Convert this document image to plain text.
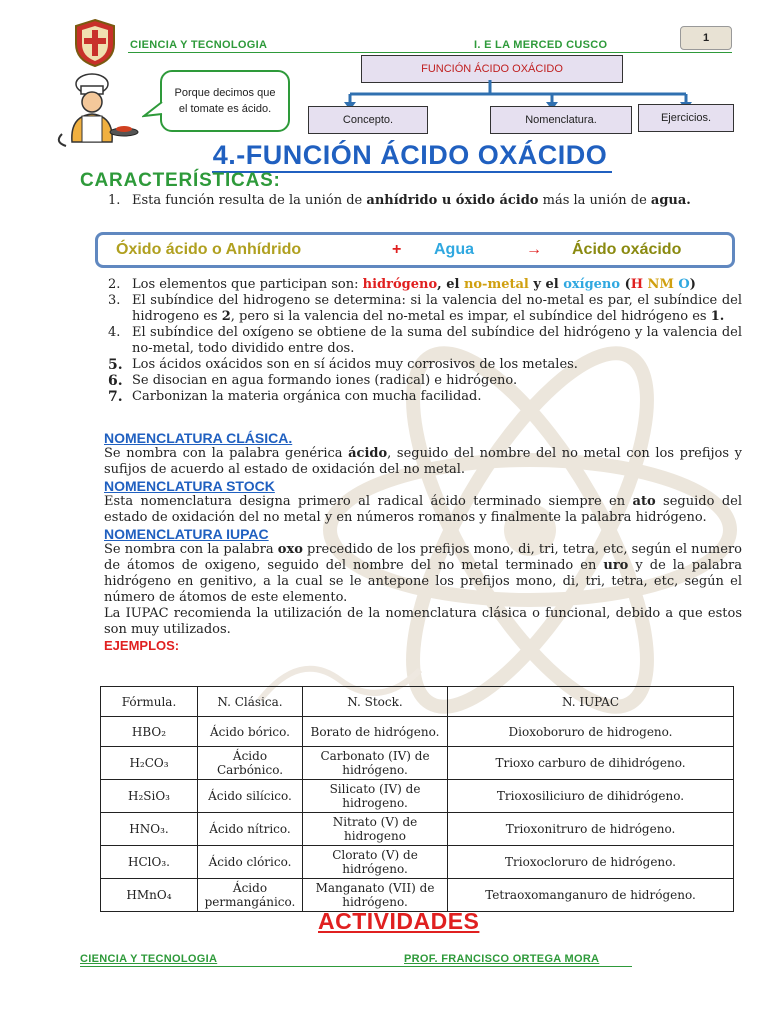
CIENCIA Y TECNOLOGIA	I. E LA MERCED CUSCO
1
Porque decimos que el tomate es ácido.
FUNCIÓN ÁCIDO OXÁCIDO
Concepto.	Nomenclatura.	Ejercicios.
4.-FUNCIÓN ÁCIDO OXÁCIDO
CARACTERÍSTICAS:
1. Esta función resulta de la unión de anhídrido u óxido ácido más la unión de agua.
Óxido ácido o Anhídrido	+ Agua	→ Ácido oxácido
2. Los elementos que participan son: hidrógeno, el no-metal y el oxígeno (H NM O)
3. El subíndice del hidrogeno se determina: si la valencia del no-metal es par, el subíndice del hidrogeno es 2, pero si la valencia del no-metal es impar, el subíndice del hidrógeno es 1.
4. El subíndice del oxígeno se obtiene de la suma del subíndice del hidrógeno y la valencia del no-metal, todo dividido entre dos.
5. Los ácidos oxácidos son en sí ácidos muy corrosivos de los metales.
6. Se disocian en agua formando iones (radical) e hidrógeno.
7. Carbonizan la materia orgánica con mucha facilidad.
NOMENCLATURA CLÁSICA.
Se nombra con la palabra genérica ácido, seguido del nombre del no metal con los prefijos y sufijos de acuerdo al estado de oxidación del no metal.
NOMENCLATURA STOCK
Esta nomenclatura designa primero al radical ácido terminado siempre en ato seguido del estado de oxidación del no metal y en números romanos y finalmente la palabra hidrógeno.
NOMENCLATURA IUPAC
Se nombra con la palabra oxo precedido de los prefijos mono, di, tri, tetra, etc, según el numero de átomos de oxigeno, seguido del nombre del no metal terminado en uro y de la palabra hidrógeno en genitivo, a la cual se le antepone los prefijos mono, di, tri, tetra, etc, según el número de átomos de este elemento.
La IUPAC recomienda la utilización de la nomenclatura clásica o funcional, debido a que estos son muy utilizados.
EJEMPLOS:
Fórmula.	N. Clásica.	N. Stock.	N. IUPAC
HBO₂	Ácido bórico.	Borato de hidrógeno.	Dioxoboruro de hidrogeno.
H₂CO₃	Ácido Carbónico.	Carbonato (IV) de hidrógeno.	Trioxo carburo de dihidrógeno.
H₂SiO₃	Ácido silícico.	Silicato (IV) de hidrogeno.	Trioxosiliciuro de dihidrógeno.
HNO₃.	Ácido nítrico.	Nitrato (V) de hidrogeno	Trioxonitruro de hidrógeno.
HClO₃.	Ácido clórico.	Clorato (V) de hidrógeno.	Trioxocloruro de hidrógeno.
HMnO₄	Ácido permangánico.	Manganato (VII) de hidrógeno.	Tetraoxomanganuro de hidrógeno.
ACTIVIDADES
CIENCIA Y TECNOLOGIA	PROF. FRANCISCO ORTEGA MORA
